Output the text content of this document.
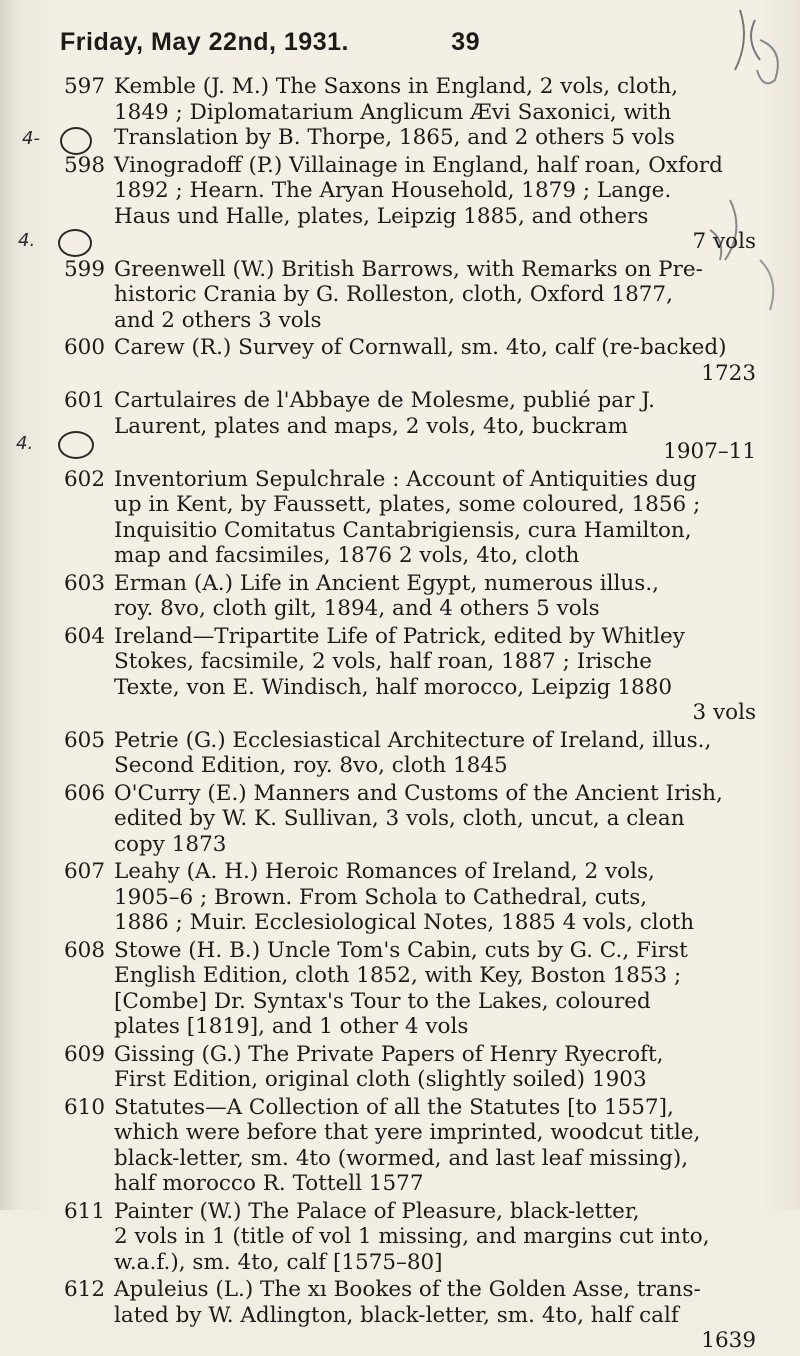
Friday, May 22nd, 1931.	39
4-
4.
4.
597 Kemble (J. M.) The Saxons in England, 2 vols, cloth,
1849 ; Diplomatarium Anglicum Ævi Saxonici, with
Translation by B. Thorpe, 1865, and 2 others 5 vols
598 Vinogradoff (P.) Villainage in England, half roan, Oxford
1892 ; Hearn. The Aryan Household, 1879 ; Lange.
Haus und Halle, plates, Leipzig 1885, and others
7 vols
599 Greenwell (W.) British Barrows, with Remarks on Pre-
historic Crania by G. Rolleston, cloth, Oxford 1877,
and 2 others 3 vols
600 Carew (R.) Survey of Cornwall, sm. 4to, calf (re-backed)
1723
601 Cartulaires de l'Abbaye de Molesme, publié par J.
Laurent, plates and maps, 2 vols, 4to, buckram
1907–11
602 Inventorium Sepulchrale : Account of Antiquities dug
up in Kent, by Faussett, plates, some coloured, 1856 ;
Inquisitio Comitatus Cantabrigiensis, cura Hamilton,
map and facsimiles, 1876 2 vols, 4to, cloth
603 Erman (A.) Life in Ancient Egypt, numerous illus.,
roy. 8vo, cloth gilt, 1894, and 4 others 5 vols
604 Ireland—Tripartite Life of Patrick, edited by Whitley
Stokes, facsimile, 2 vols, half roan, 1887 ; Irische
Texte, von E. Windisch, half morocco, Leipzig 1880
3 vols
605 Petrie (G.) Ecclesiastical Architecture of Ireland, illus.,
Second Edition, roy. 8vo, cloth 1845
606 O'Curry (E.) Manners and Customs of the Ancient Irish,
edited by W. K. Sullivan, 3 vols, cloth, uncut, a clean
copy 1873
607 Leahy (A. H.) Heroic Romances of Ireland, 2 vols,
1905–6 ; Brown. From Schola to Cathedral, cuts,
1886 ; Muir. Ecclesiological Notes, 1885 4 vols, cloth
608 Stowe (H. B.) Uncle Tom's Cabin, cuts by G. C., First
English Edition, cloth 1852, with Key, Boston 1853 ;
[Combe] Dr. Syntax's Tour to the Lakes, coloured
plates [1819], and 1 other 4 vols
609 Gissing (G.) The Private Papers of Henry Ryecroft,
First Edition, original cloth (slightly soiled) 1903
610 Statutes—A Collection of all the Statutes [to 1557],
which were before that yere imprinted, woodcut title,
black-letter, sm. 4to (wormed, and last leaf missing),
half morocco R. Tottell 1577
611 Painter (W.) The Palace of Pleasure, black-letter,
2 vols in 1 (title of vol 1 missing, and margins cut into,
w.a.f.), sm. 4to, calf [1575–80]
612 Apuleius (L.) The xı Bookes of the Golden Asse, trans-
lated by W. Adlington, black-letter, sm. 4to, half calf
1639
